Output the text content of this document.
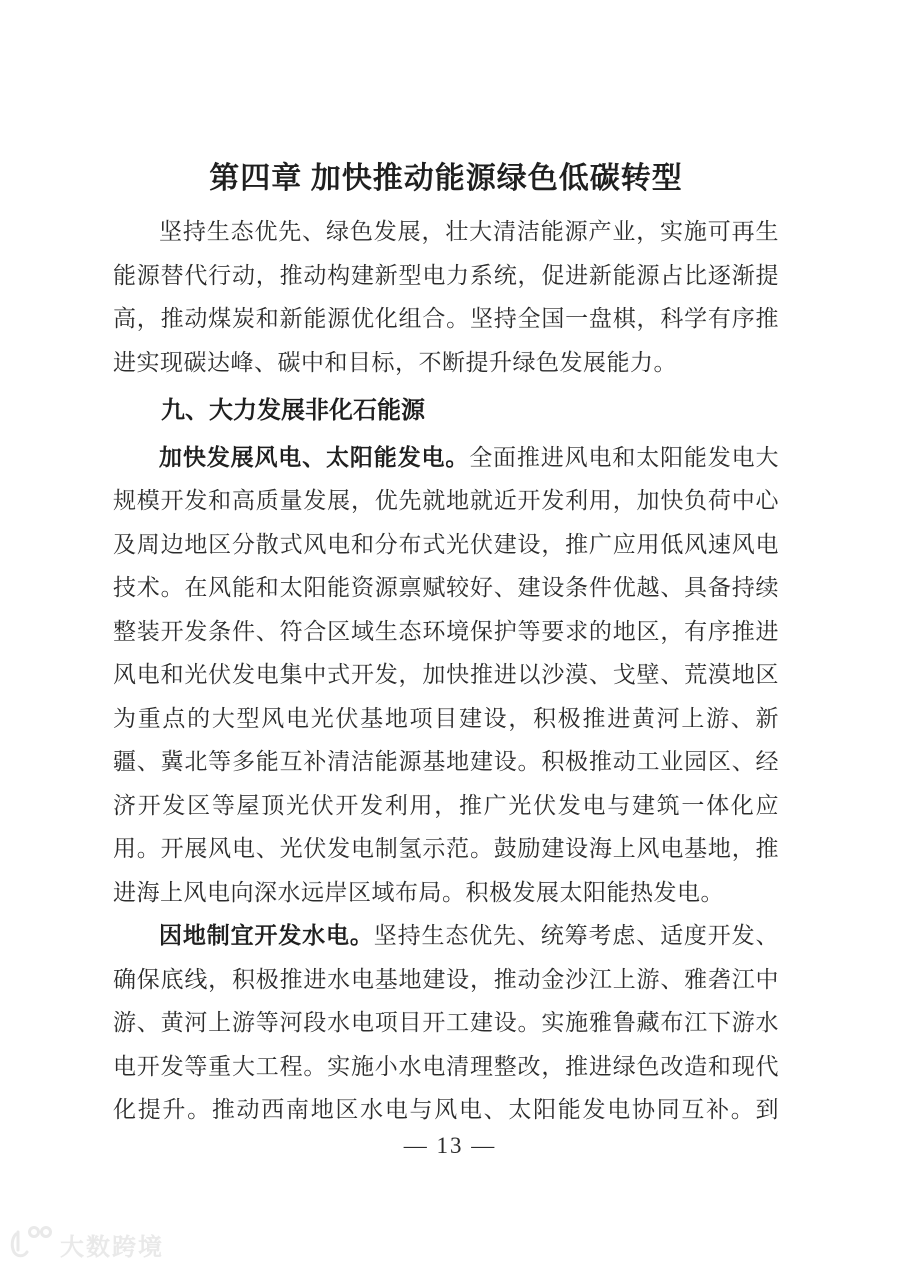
第四章 加快推动能源绿色低碳转型
坚持生态优先、绿色发展，壮大清洁能源产业，实施可再生
能源替代行动，推动构建新型电力系统，促进新能源占比逐渐提
高，推动煤炭和新能源优化组合。坚持全国一盘棋，科学有序推
进实现碳达峰、碳中和目标，不断提升绿色发展能力。
九、大力发展非化石能源
加快发展风电、太阳能发电。全面推进风电和太阳能发电大
规模开发和高质量发展，优先就地就近开发利用，加快负荷中心
及周边地区分散式风电和分布式光伏建设，推广应用低风速风电
技术。在风能和太阳能资源禀赋较好、建设条件优越、具备持续
整装开发条件、符合区域生态环境保护等要求的地区，有序推进
风电和光伏发电集中式开发，加快推进以沙漠、戈壁、荒漠地区
为重点的大型风电光伏基地项目建设，积极推进黄河上游、新
疆、冀北等多能互补清洁能源基地建设。积极推动工业园区、经
济开发区等屋顶光伏开发利用，推广光伏发电与建筑一体化应
用。开展风电、光伏发电制氢示范。鼓励建设海上风电基地，推
进海上风电向深水远岸区域布局。积极发展太阳能热发电。
因地制宜开发水电。坚持生态优先、统筹考虑、适度开发、
确保底线，积极推进水电基地建设，推动金沙江上游、雅砻江中
游、黄河上游等河段水电项目开工建设。实施雅鲁藏布江下游水
电开发等重大工程。实施小水电清理整改，推进绿色改造和现代
化提升。推动西南地区水电与风电、太阳能发电协同互补。到
— 13 —
大数跨境
